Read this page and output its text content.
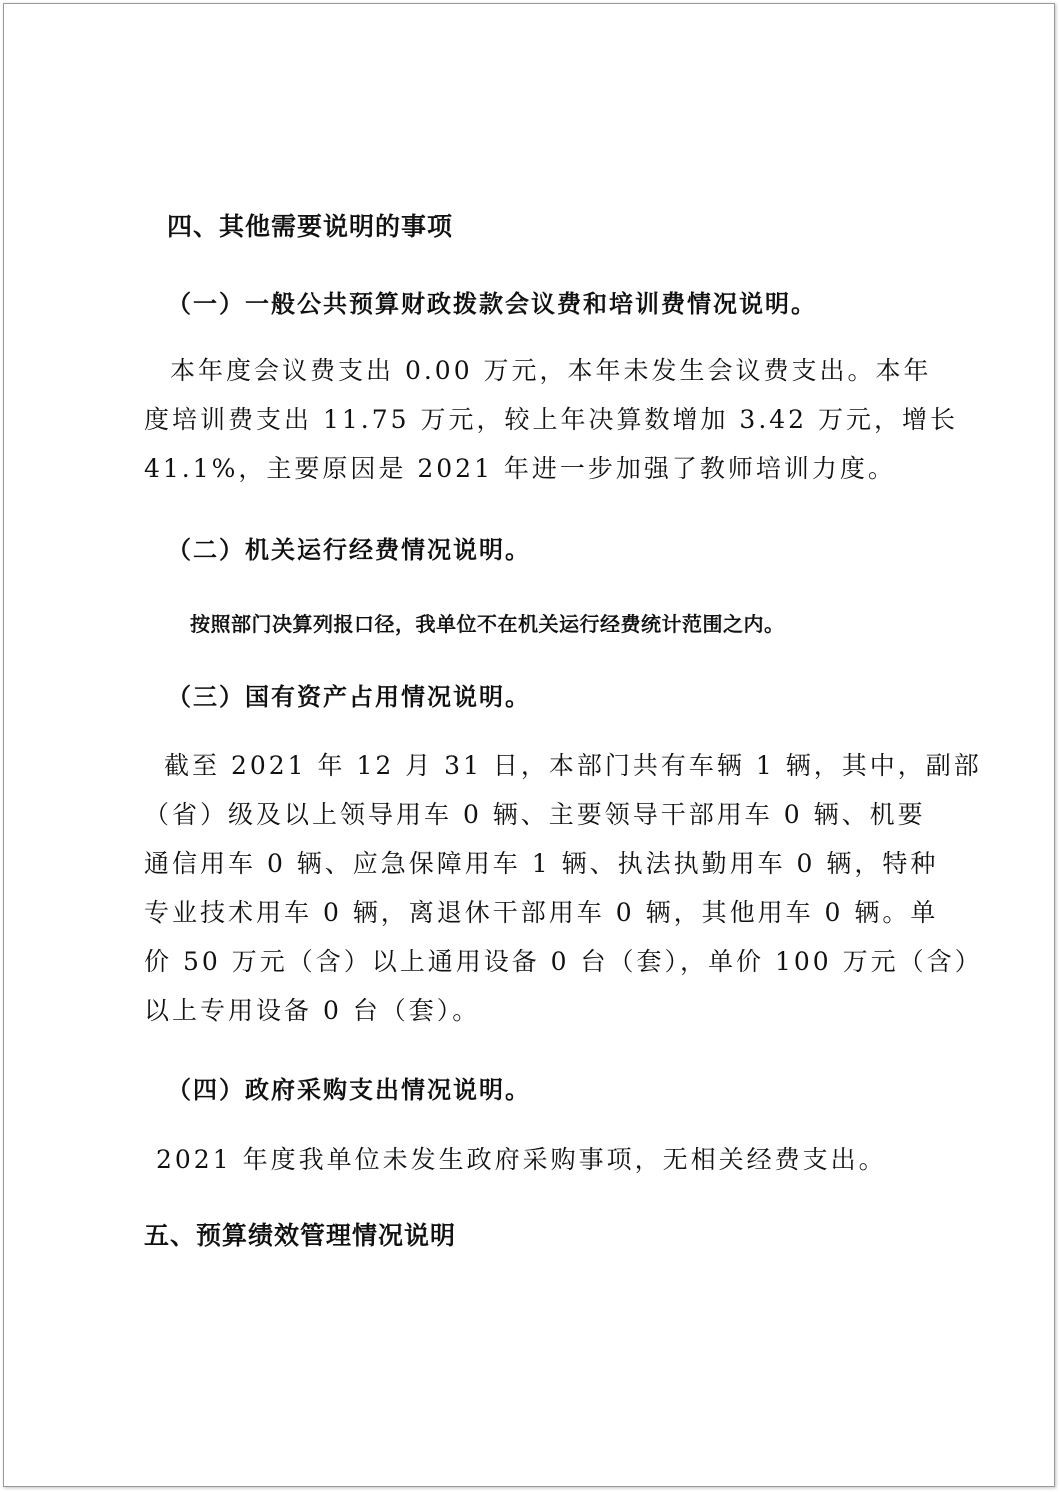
四、其他需要说明的事项
（一）一般公共预算财政拨款会议费和培训费情况说明。
本年度会议费支出 0.00 万元，本年未发生会议费支出。本年
度培训费支出 11.75 万元，较上年决算数增加 3.42 万元，增长
41.1%，主要原因是 2021 年进一步加强了教师培训力度。
（二）机关运行经费情况说明。
按照部门决算列报口径，我单位不在机关运行经费统计范围之内。
（三）国有资产占用情况说明。
截至 2021 年 12 月 31 日，本部门共有车辆 1 辆，其中，副部
（省）级及以上领导用车 0 辆、主要领导干部用车 0 辆、机要
通信用车 0 辆、应急保障用车 1 辆、执法执勤用车 0 辆，特种
专业技术用车 0 辆，离退休干部用车 0 辆，其他用车 0 辆。单
价 50 万元（含）以上通用设备 0 台（套），单价 100 万元（含）
以上专用设备 0 台（套）。
（四）政府采购支出情况说明。
2021 年度我单位未发生政府采购事项，无相关经费支出。
五、预算绩效管理情况说明
